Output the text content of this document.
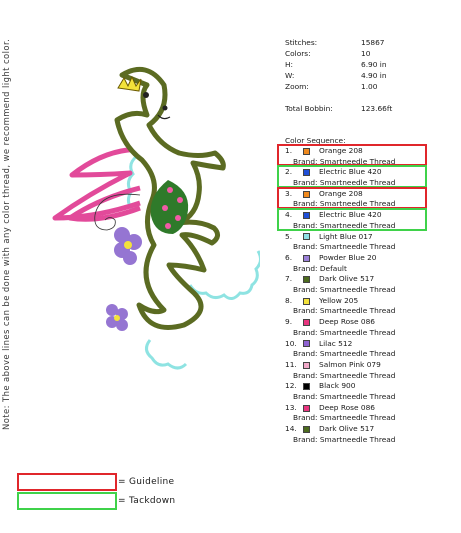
Note: The above lines can be done with any color thread, we recommend light color.	Stitches:	15867
Colors:	10
H:	6.90 in
W:	4.90 in
Zoom:	1.00
Total Bobbin:	123.66ft
Color Sequence:
1.	Orange 208
Brand: Smartneedle Thread
2.	Electric Blue 420
Brand: Smartneedle Thread
3.	Orange 208
Brand: Smartneedle Thread
4.	Electric Blue 420
Brand: Smartneedle Thread
5.	Light Blue 017
Brand: Smartneedle Thread
6.	Powder Blue 20
Brand: Default
7.	Dark Olive 517
Brand: Smartneedle Thread
8.	Yellow 205
Brand: Smartneedle Thread
9.	Deep Rose 086
Brand: Smartneedle Thread
10.	Lilac 512
Brand: Smartneedle Thread
11.	Salmon Pink 079
Brand: Smartneedle Thread
12.	Black 900
Brand: Smartneedle Thread
13.	Deep Rose 086
Brand: Smartneedle Thread
14.	Dark Olive 517
Brand: Smartneedle Thread
= Guideline
= Tackdown
